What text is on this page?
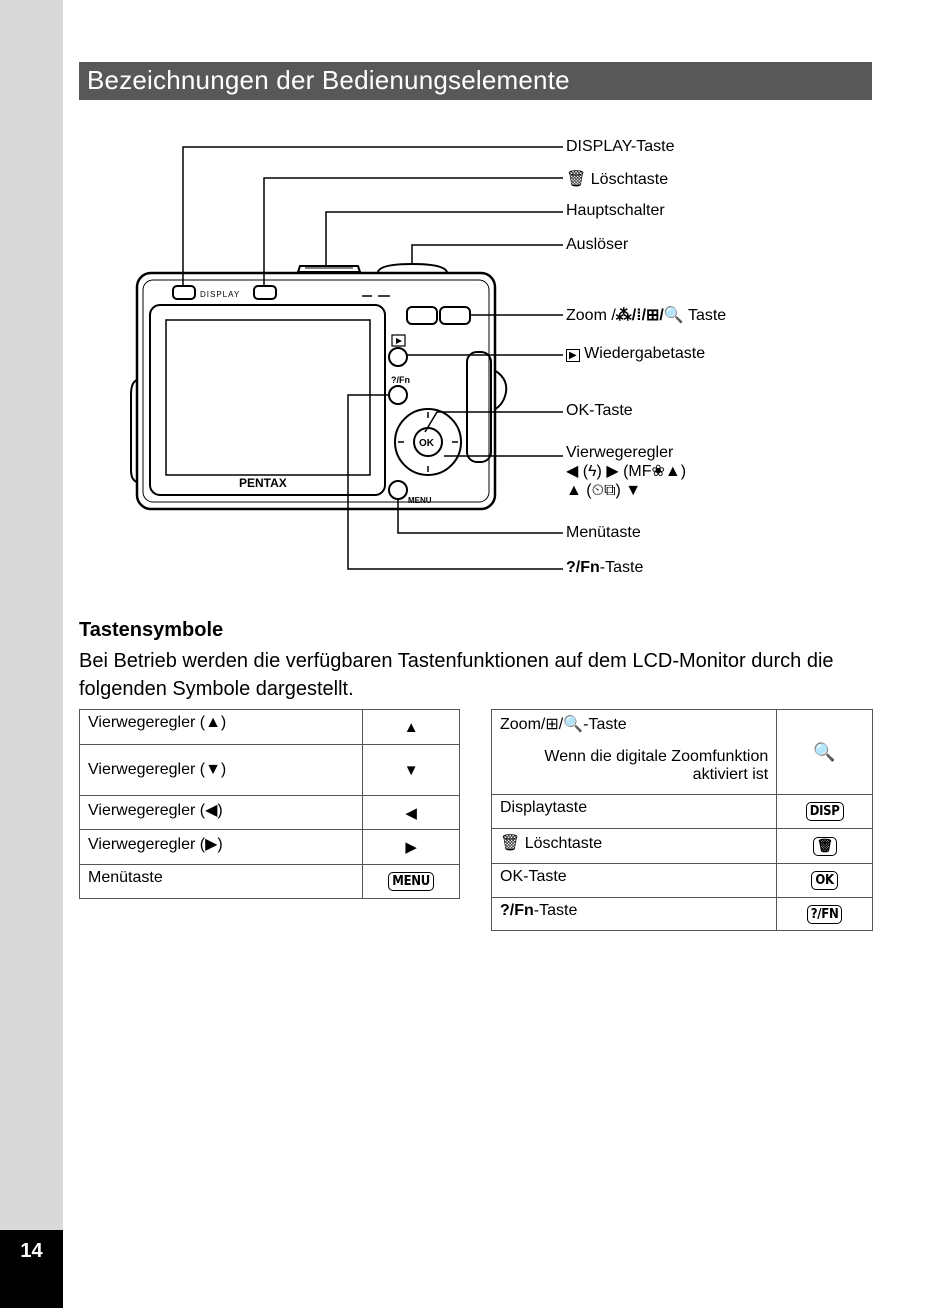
14
Bezeichnungen der Bedienungselemente
DISPLAY
PENTAX
MENU
OK
?/Fn
DISPLAY-Taste
🗑 Löschtaste
Hauptschalter
Auslöser
Zoom /⁂/⁞/⊞/🔍 Taste
▶ Wiedergabetaste
OK-Taste
Vierwegeregler
◀ (ϟ) ▶ (MF❀▲)
▲ (⏲⧉) ▼
Menütaste
?/Fn-Taste
Tastensymbole
Bei Betrieb werden die verfügbaren Tastenfunktionen auf dem LCD-Monitor durch die folgenden Symbole dargestellt.
Vierwegeregler (▲)	▲
Vierwegeregler (▼)	▼
Vierwegeregler (◀)	◀
Vierwegeregler (▶)	▶
Menütaste	MENU
Zoom/⊞/🔍-Taste	🔍
Wenn die digitale Zoomfunktion aktiviert ist	
Displaytaste	DISP
🗑 Löschtaste	🗑
OK-Taste	OK
?/Fn-Taste	?/FN
